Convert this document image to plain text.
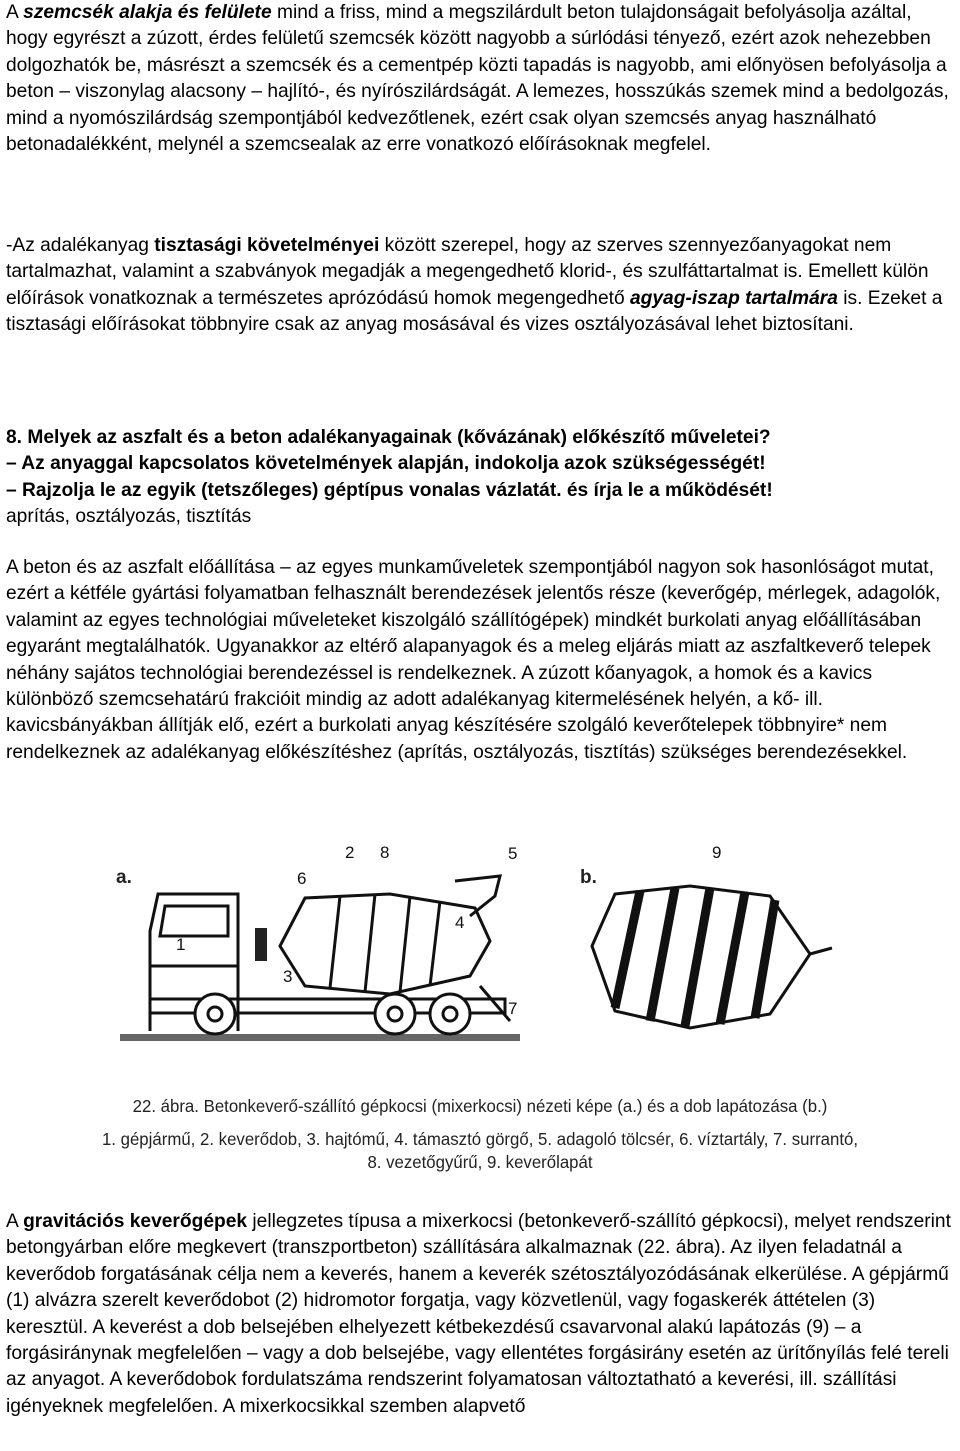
A szemcsék alakja és felülete mind a friss, mind a megszilárdult beton tulajdonságait befolyásolja azáltal, hogy egyrészt a zúzott, érdes felületű szemcsék között nagyobb a súrlódási tényező, ezért azok nehezebben dolgozhatók be, másrészt a szemcsék és a cementpép közti tapadás is nagyobb, ami előnyösen befolyásolja a beton – viszonylag alacsony – hajlító-, és nyírószilárdságát. A lemezes, hosszúkás szemek mind a bedolgozás, mind a nyomószilárdság szempontjából kedvezőtlenek, ezért csak olyan szemcsés anyag használható betonadalékként, melynél a szemcsealak az erre vonatkozó előírásoknak megfelel.

-Az adalékanyag tisztasági követelményei között szerepel, hogy az szerves szennyezőanyagokat nem tartalmazhat, valamint a szabványok megadják a megengedhető klorid-, és szulfáttartalmat is. Emellett külön előírások vonatkoznak a természetes aprózódású homok megengedhető agyag-iszap tartalmára is. Ezeket a tisztasági előírásokat többnyire csak az anyag mosásával és vizes osztályozásával lehet biztosítani.

8. Melyek az aszfalt és a beton adalékanyagainak (kővázának) előkészítő műveletei?

– Az anyaggal kapcsolatos követelmények alapján, indokolja azok szükségességét!

– Rajzolja le az egyik (tetszőleges) géptípus vonalas vázlatát. és írja le a működését!

aprítás, osztályozás, tisztítás

A beton és az aszfalt előállítása – az egyes munkaműveletek szempontjából nagyon sok hasonlóságot mutat, ezért a kétféle gyártási folyamatban felhasznált berendezések jelentős része (keverőgép, mérlegek, adagolók, valamint az egyes technológiai műveleteket kiszolgáló szállítógépek) mindkét burkolati anyag előállításában egyaránt megtalálhatók. Ugyanakkor az eltérő alapanyagok és a meleg eljárás miatt az aszfaltkeverő telepek néhány sajátos technológiai berendezéssel is rendelkeznek. A zúzott kőanyagok, a homok és a kavics különböző szemcsehatárú frakcióit mindig az adott adalékanyag kitermelésének helyén, a kő- ill. kavicsbányákban állítják elő, ezért a burkolati anyag készítésére szolgáló keverőtelepek többnyire* nem rendelkeznek az adalékanyag előkészítéshez (aprítás, osztályozás, tisztítás) szükséges berendezésekkel.

A gravitációs keverőgépek jellegzetes típusa a mixerkocsi (betonkeverő-szállító gépkocsi), melyet rendszerint betongyárban előre megkevert (transzportbeton) szállítására alkalmaznak (22. ábra). Az ilyen feladatnál a keverődob forgatásának célja nem a keverés, hanem a keverék szétosztályozódásának elkerülése. A gépjármű (1) alvázra szerelt keverődobot (2) hidromotor forgatja, vagy közvetlenül, vagy fogaskerék áttételen (3) keresztül. A keverést a dob belsejében elhelyezett kétbekezdésű csavarvonal alakú lapátozás (9) – a forgásiránynak megfelelően – vagy a dob belsejébe, vagy ellentétes forgásirány esetén az ürítőnyílás felé tereli az anyagot. A keverődobok fordulatszáma rendszerint folyamatosan változtatható a keverési, ill. szállítási igényeknek megfelelően. A mixerkocsikkal szemben alapvető

a.	b.
1
2 8
6
3
4
5
7
9
22. ábra. Betonkeverő-szállító gépkocsi (mixerkocsi) nézeti képe (a.) és a dob lapátozása (b.)
1. gépjármű, 2. keverődob, 3. hajtómű, 4. támasztó görgő, 5. adagoló tölcsér, 6. víztartály, 7. surrantó,
8. vezetőgyűrű, 9. keverőlapát
